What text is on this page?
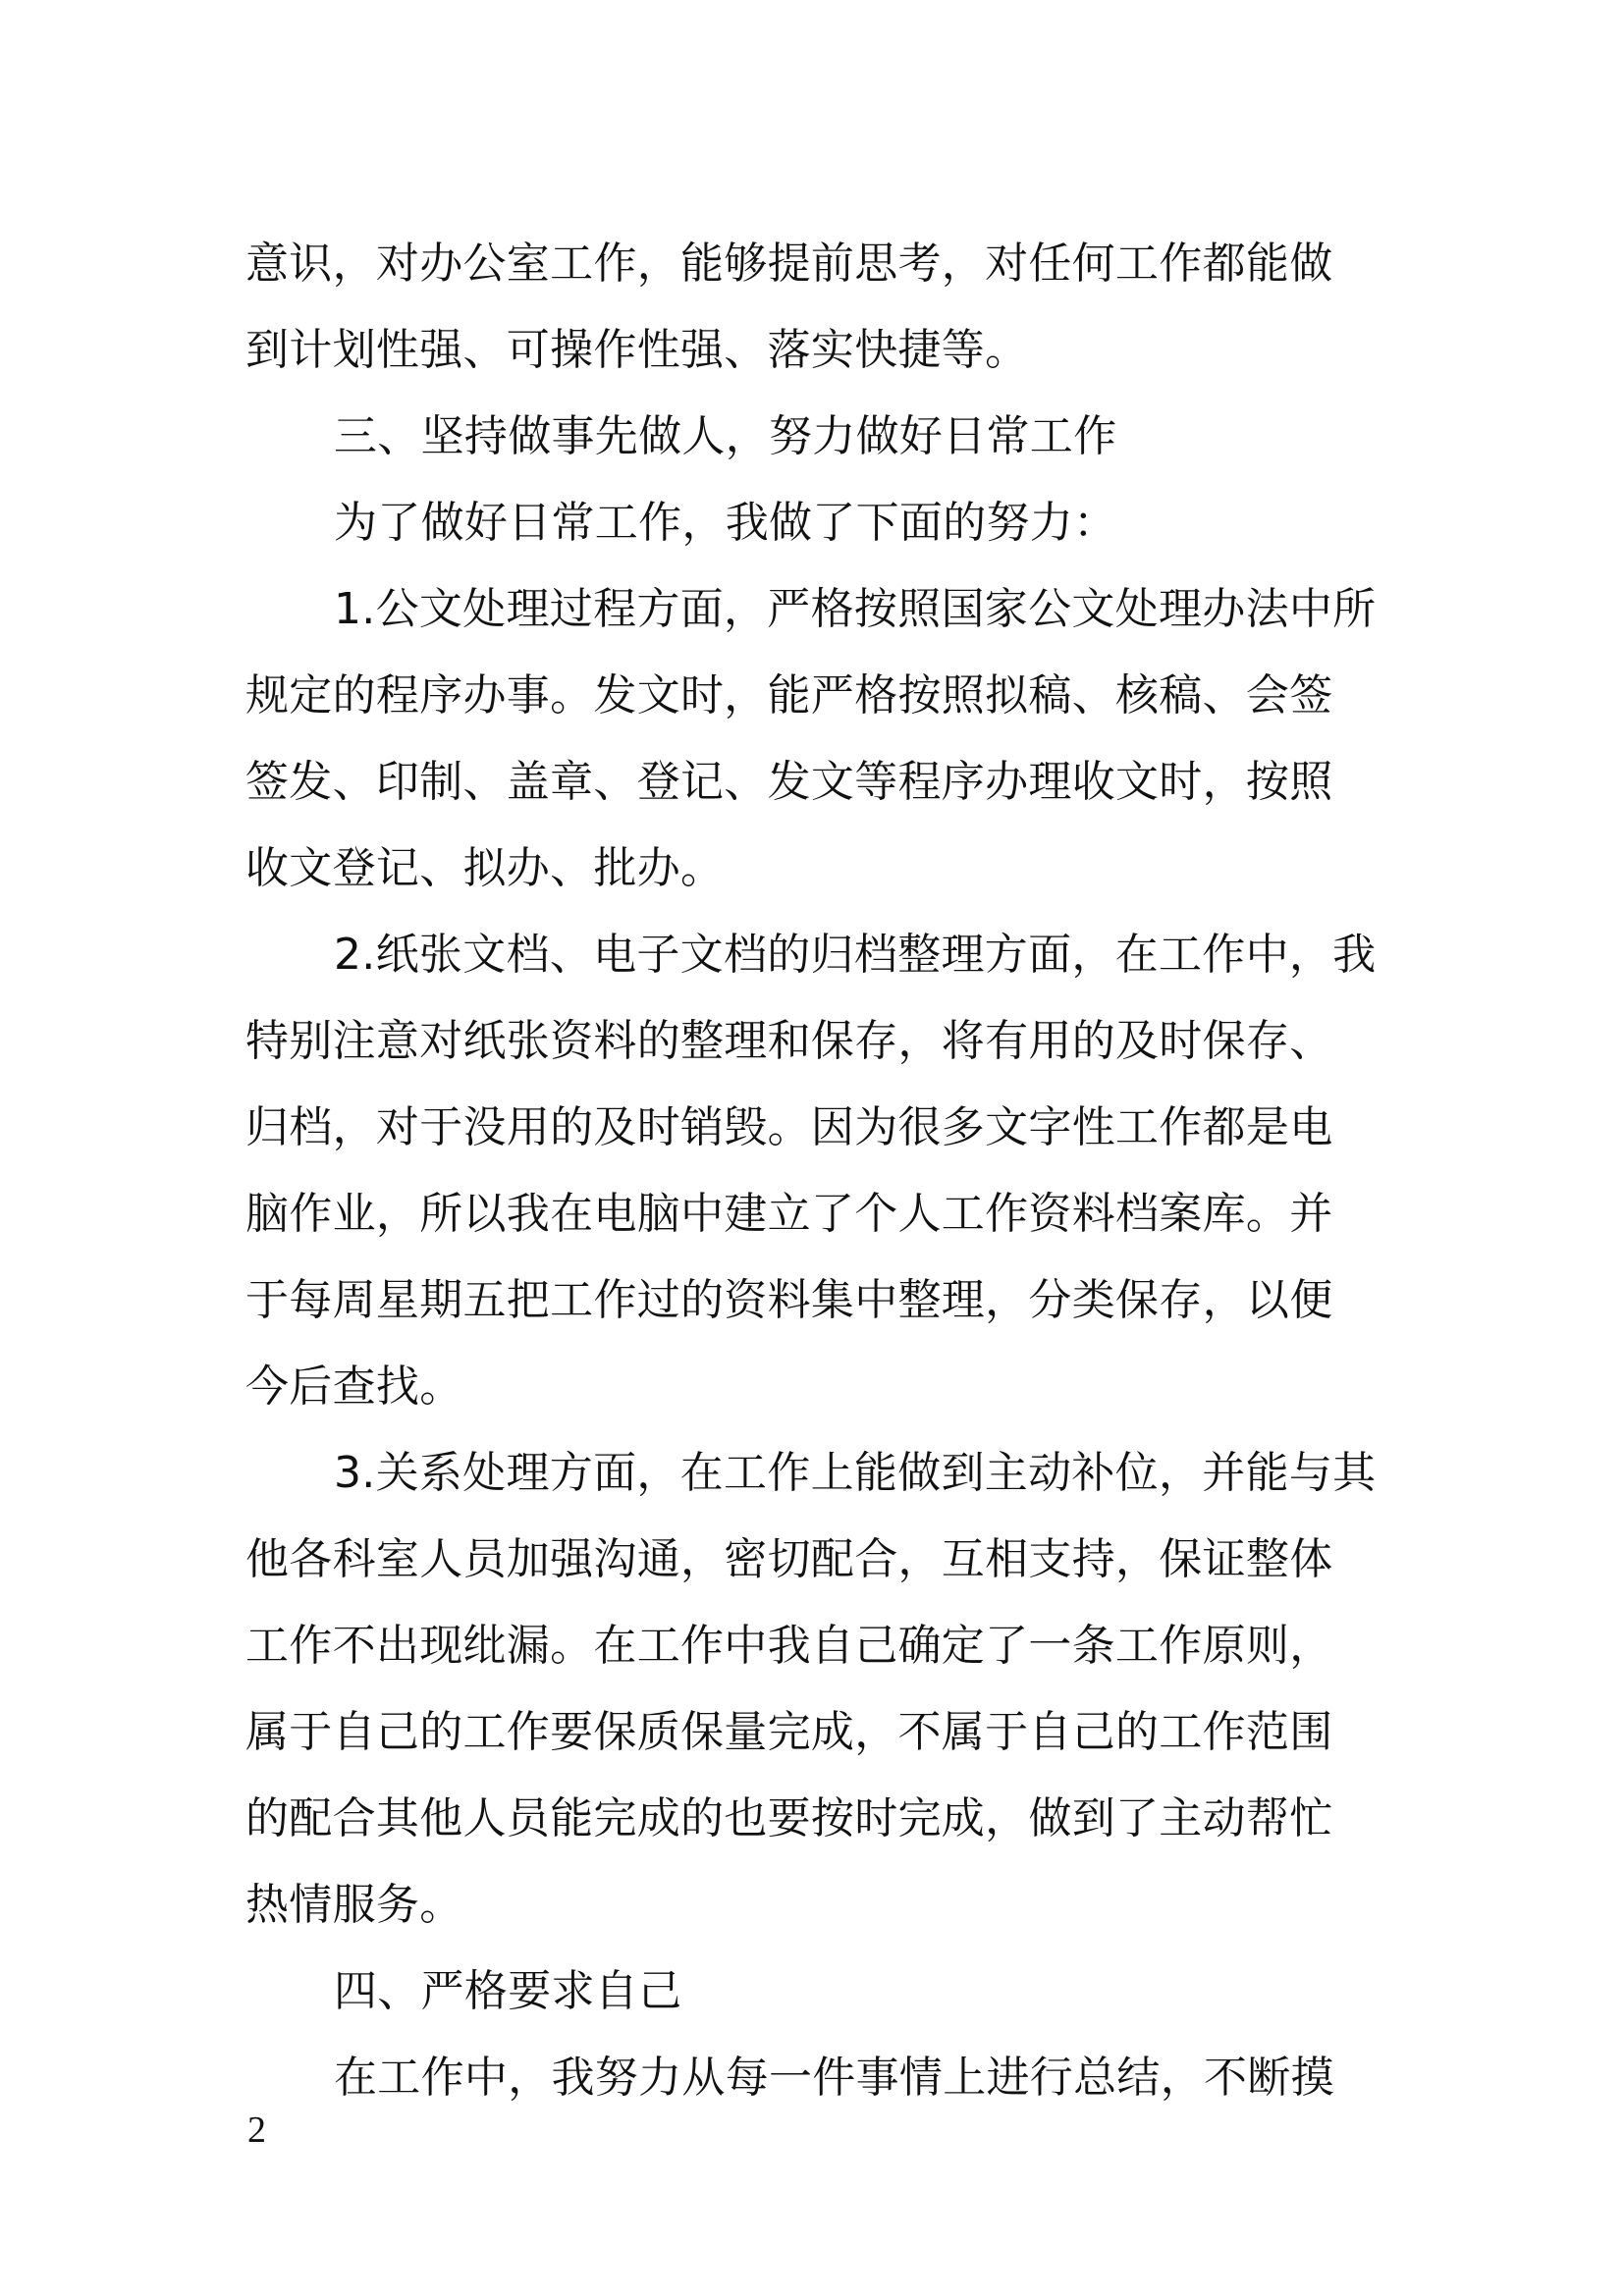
意识，对办公室工作，能够提前思考，对任何工作都能做
到计划性强、可操作性强、落实快捷等。
三、坚持做事先做人，努力做好日常工作
为了做好日常工作，我做了下面的努力：
1.公文处理过程方面，严格按照国家公文处理办法中所
规定的程序办事。发文时，能严格按照拟稿、核稿、会签
签发、印制、盖章、登记、发文等程序办理收文时，按照
收文登记、拟办、批办。
2.纸张文档、电子文档的归档整理方面，在工作中，我
特别注意对纸张资料的整理和保存，将有用的及时保存、
归档，对于没用的及时销毁。因为很多文字性工作都是电
脑作业，所以我在电脑中建立了个人工作资料档案库。并
于每周星期五把工作过的资料集中整理，分类保存，以便
今后查找。
3.关系处理方面，在工作上能做到主动补位，并能与其
他各科室人员加强沟通，密切配合，互相支持，保证整体
工作不出现纰漏。在工作中我自己确定了一条工作原则，
属于自己的工作要保质保量完成，不属于自己的工作范围
的配合其他人员能完成的也要按时完成，做到了主动帮忙
热情服务。
四、严格要求自己
在工作中，我努力从每一件事情上进行总结，不断摸
2
